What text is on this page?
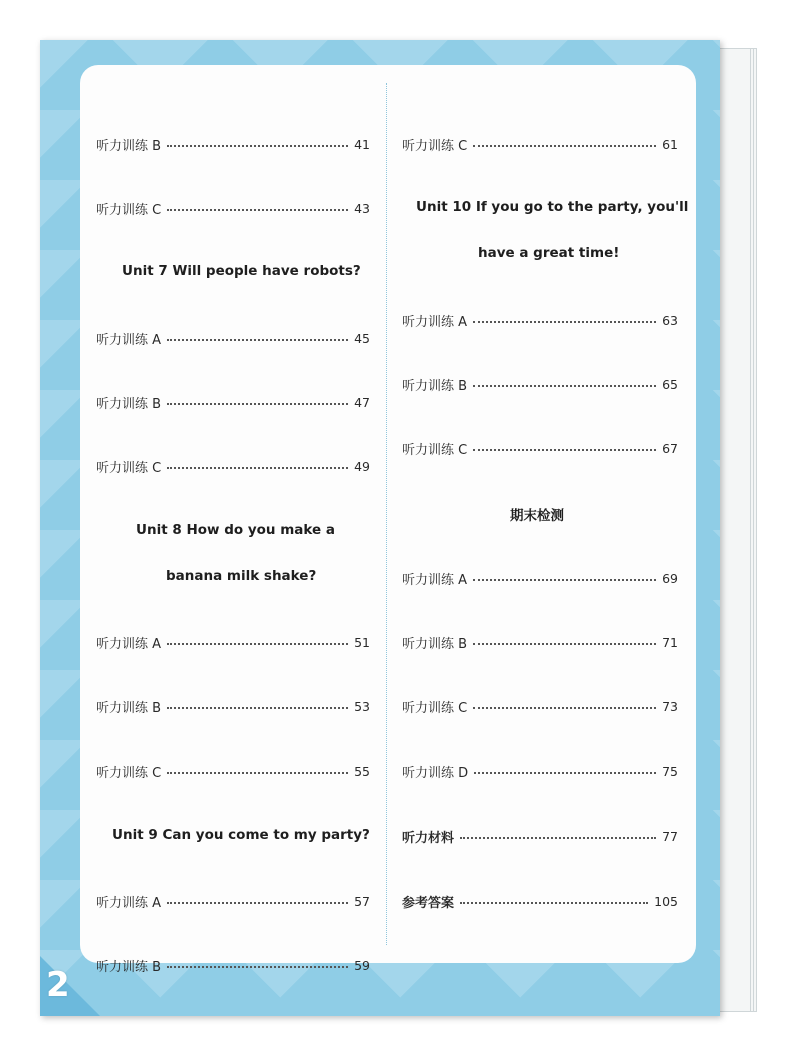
2
听力训练 B	41
听力训练 C	43
Unit 7 Will people have robots?
听力训练 A	45
听力训练 B	47
听力训练 C	49
Unit 8 How do you make a
banana milk shake?
听力训练 A	51
听力训练 B	53
听力训练 C	55
Unit 9 Can you come to my party?
听力训练 A	57
听力训练 B	59
听力训练 C	61
Unit 10 If you go to the party, you'll
have a great time!
听力训练 A	63
听力训练 B	65
听力训练 C	67
期末检测
听力训练 A	69
听力训练 B	71
听力训练 C	73
听力训练 D	75
听力材料	77
参考答案	105
